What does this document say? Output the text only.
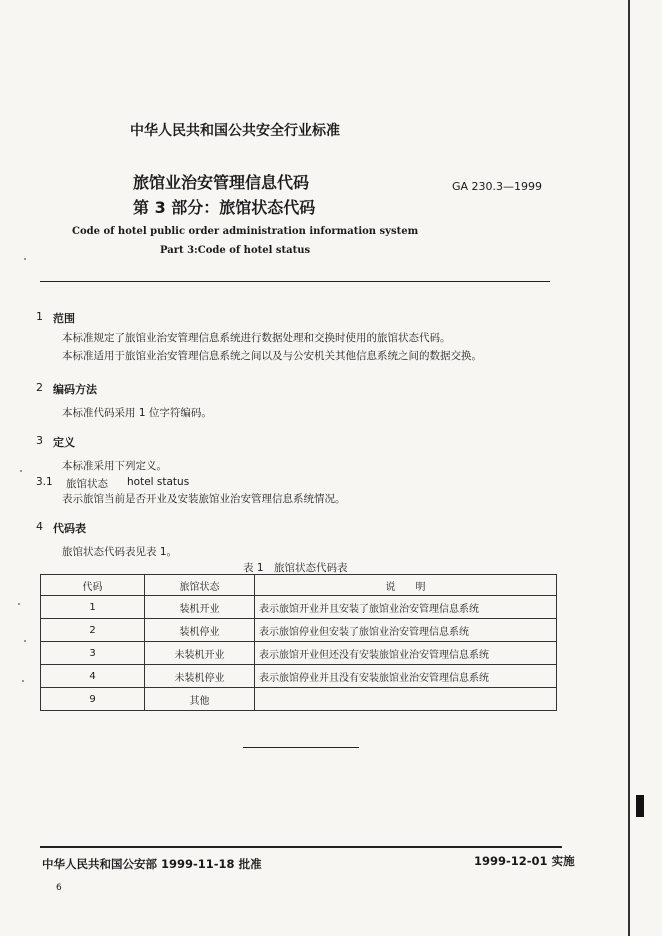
中华人民共和国公共安全行业标准
旅馆业治安管理信息代码
第 3 部分：旅馆状态代码
GA 230.3—1999
Code of hotel public order administration information system
Part 3:Code of hotel status
1 范围
本标准规定了旅馆业治安管理信息系统进行数据处理和交换时使用的旅馆状态代码。
本标准适用于旅馆业治安管理信息系统之间以及与公安机关其他信息系统之间的数据交换。
2 编码方法
本标准代码采用 1 位字符编码。
3 定义
本标准采用下列定义。
3.1 旅馆状态 hotel status
表示旅馆当前是否开业及安装旅馆业治安管理信息系统情况。
4 代码表
旅馆状态代码表见表 1。
表 1　旅馆状态代码表
代码	旅馆状态	说　　明
1	装机开业	表示旅馆开业并且安装了旅馆业治安管理信息系统
2	装机停业	表示旅馆停业但安装了旅馆业治安管理信息系统
3	未装机开业	表示旅馆开业但还没有安装旅馆业治安管理信息系统
4	未装机停业	表示旅馆停业并且没有安装旅馆业治安管理信息系统
9	其他	
中华人民共和国公安部 1999-11-18 批准	1999-12-01 实施
6
